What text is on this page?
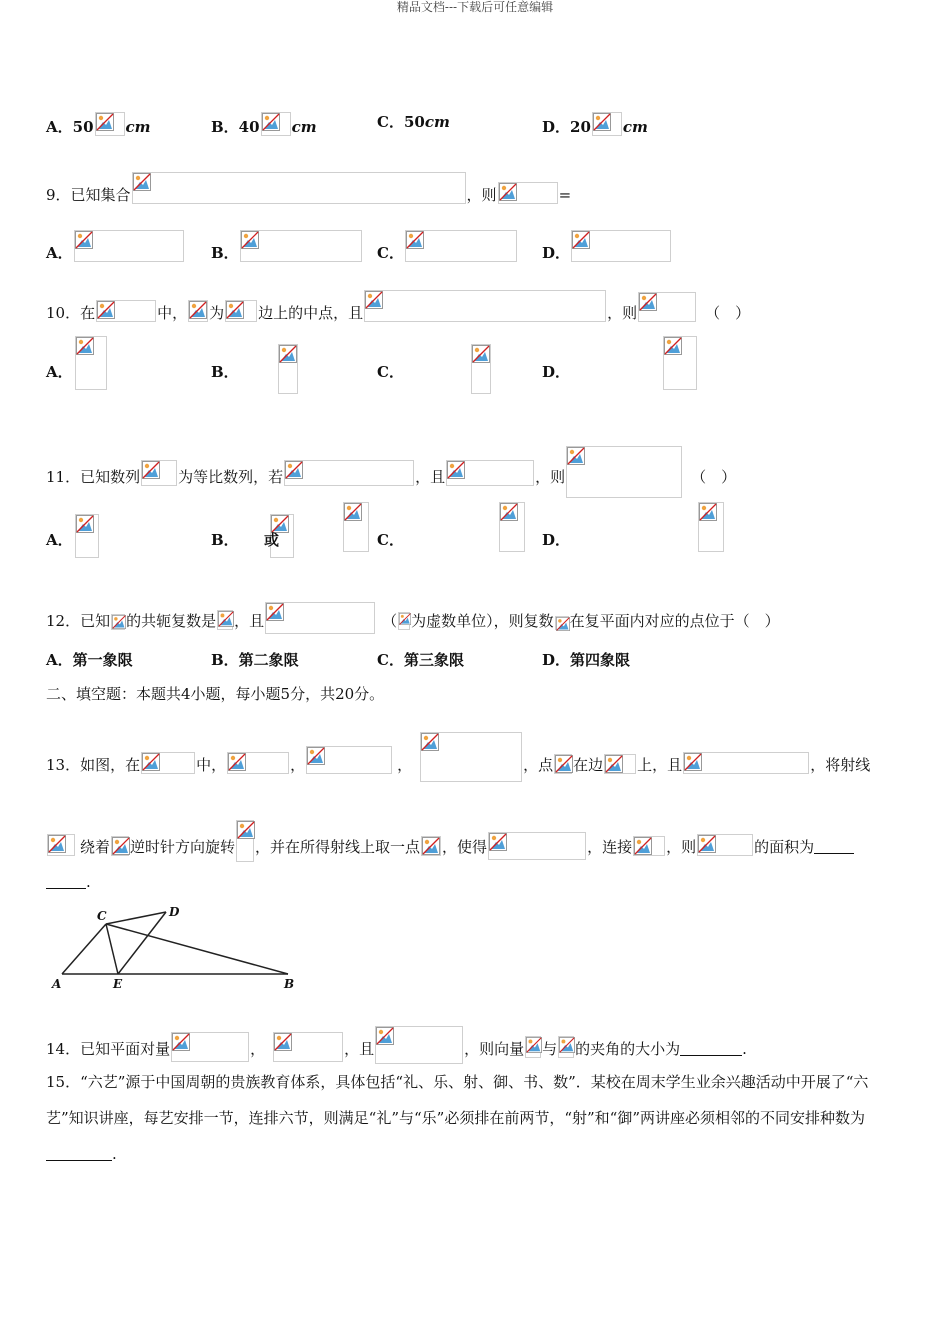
精品文档---下载后可任意编辑
A．50 cm	B．40 cm	C．50cm	D．20 cm
9．已知集合	，则	=
A．	B．	C．	D．
10．在	中， 为 边上的中点，且	，则	（　）
A．
	B．
	C．
	D．
11．已知数列	为等比数列，若	，且	，则	（　）
A．
	B．
或
	C．
	D．
12．已知 的共轭复数是 ，且	（ 为虚数单位），则复数 在复平面内对应的点位于（　）
A．第一象限	B．第二象限	C．第三象限	D．第四象限
二、填空题：本题共4小题，每小题5分，共20分。
13．如图，在	中，	，	，	，点 在边 上，且	，将射线
绕着 逆时针方向旋转 ，并在所得射线上取一点 ，使得	，连接 ，则	的面积为
.
C	D
A	E	B
14．已知平面对量	，	，且	，则向量 与 的夹角的大小为	.
15．“六艺”源于中国周朝的贵族教育体系，具体包括“礼、乐、射、御、书、数”．某校在周末学生业余兴趣活动中开展了“六艺”知识讲座，每艺安排一节，连排六节，则满足“礼”与“乐”必须排在前两节，“射”和“御”两讲座必须相邻的不同安排种数为.
